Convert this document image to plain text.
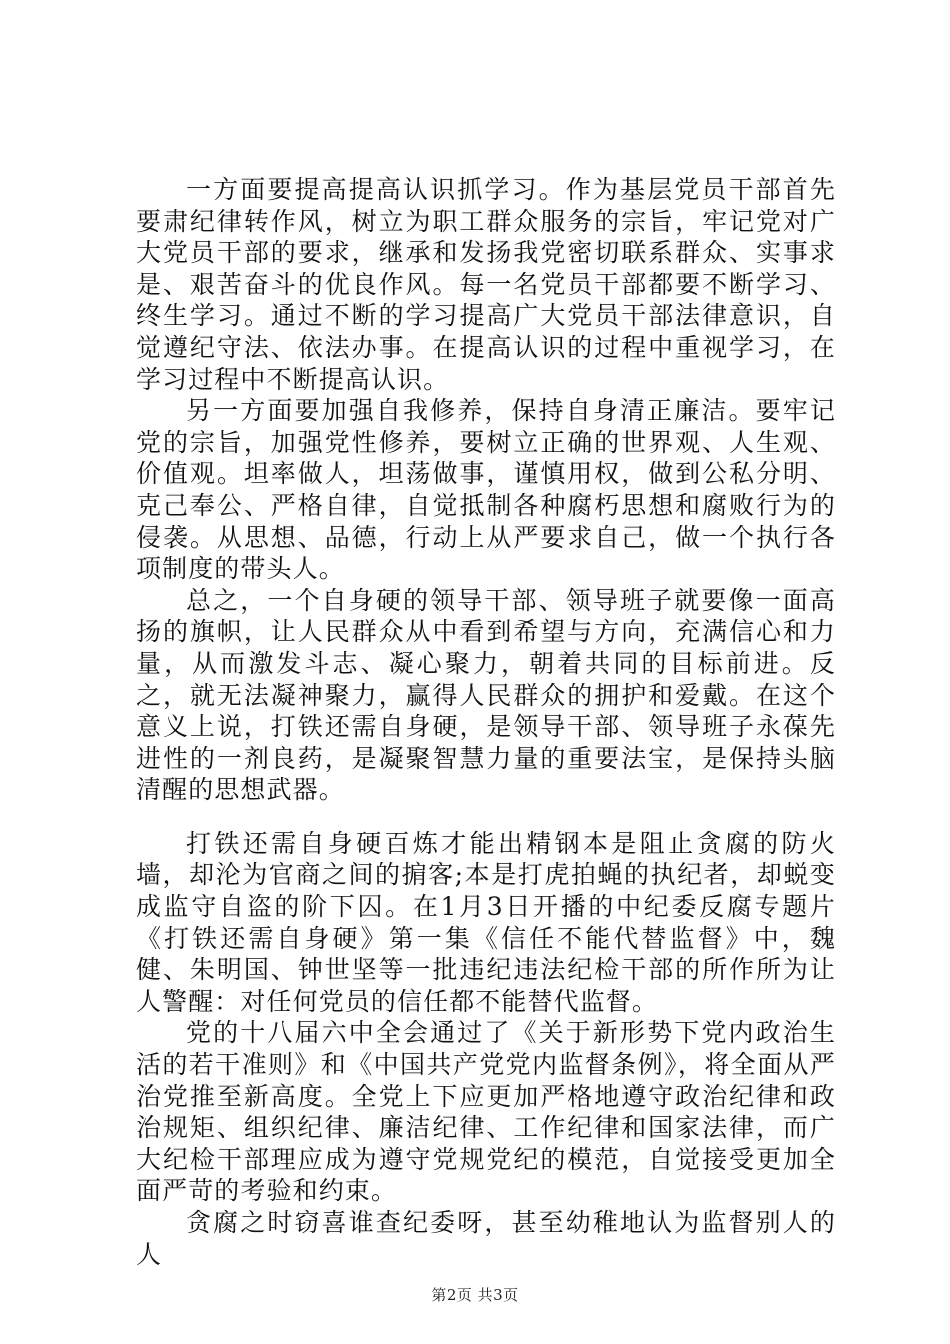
一方面要提高提高认识抓学习。作为基层党员干部首先要肃纪律转作风，树立为职工群众服务的宗旨，牢记党对广大党员干部的要求，继承和发扬我党密切联系群众、实事求是、艰苦奋斗的优良作风。每一名党员干部都要不断学习、终生学习。通过不断的学习提高广大党员干部法律意识，自觉遵纪守法、依法办事。在提高认识的过程中重视学习，在学习过程中不断提高认识。

另一方面要加强自我修养，保持自身清正廉洁。要牢记党的宗旨，加强党性修养，要树立正确的世界观、人生观、价值观。坦率做人，坦荡做事，谨慎用权，做到公私分明、克己奉公、严格自律，自觉抵制各种腐朽思想和腐败行为的侵袭。从思想、品德，行动上从严要求自己，做一个执行各项制度的带头人。

总之，一个自身硬的领导干部、领导班子就要像一面高扬的旗帜，让人民群众从中看到希望与方向，充满信心和力量，从而激发斗志、凝心聚力，朝着共同的目标前进。反之，就无法凝神聚力，赢得人民群众的拥护和爱戴。在这个意义上说，打铁还需自身硬，是领导干部、领导班子永葆先进性的一剂良药，是凝聚智慧力量的重要法宝，是保持头脑清醒的思想武器。

打铁还需自身硬百炼才能出精钢本是阻止贪腐的防火墙，却沦为官商之间的掮客;本是打虎拍蝇的执纪者，却蜕变成监守自盗的阶下囚。在1月3日开播的中纪委反腐专题片《打铁还需自身硬》第一集《信任不能代替监督》中，魏健、朱明国、钟世坚等一批违纪违法纪检干部的所作所为让人警醒：对任何党员的信任都不能替代监督。

党的十八届六中全会通过了《关于新形势下党内政治生活的若干准则》和《中国共产党党内监督条例》，将全面从严治党推至新高度。全党上下应更加严格地遵守政治纪律和政治规矩、组织纪律、廉洁纪律、工作纪律和国家法律，而广大纪检干部理应成为遵守党规党纪的模范，自觉接受更加全面严苛的考验和约束。

贪腐之时窃喜谁查纪委呀，甚至幼稚地认为监督别人的人

第2页 共3页
